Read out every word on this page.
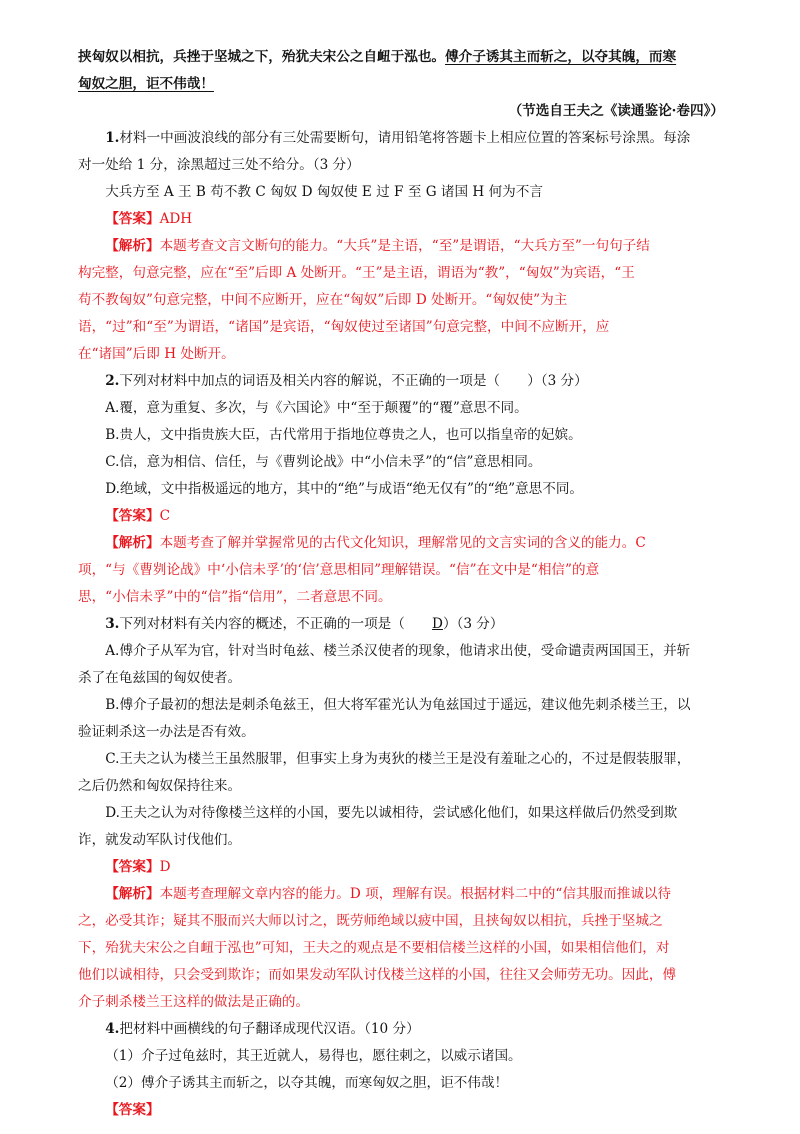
挟匈奴以相抗，兵挫于坚城之下，殆犹夫宋公之自衄于泓也。傅介子诱其主而斩之，以夺其魄，而寒

匈奴之胆，讵不伟哉！

（节选自王夫之《读通鉴论·卷四》）

1.材料一中画波浪线的部分有三处需要断句，请用铅笔将答题卡上相应位置的答案标号涂黑。每涂

对一处给 1 分，涂黑超过三处不给分。（3 分）

大兵方至 A 王 B 苟不教 C 匈奴 D 匈奴使 E 过 F 至 G 诸国 H 何为不言

【答案】ADH

【解析】本题考查文言文断句的能力。“大兵”是主语，“至”是谓语，“大兵方至”一句句子结

构完整，句意完整，应在“至”后即 A 处断开。“王”是主语，谓语为“教”，“匈奴”为宾语，“王

苟不教匈奴”句意完整，中间不应断开，应在“匈奴”后即 D 处断开。“匈奴使”为主

语，“过”和“至”为谓语，“诸国”是宾语，“匈奴使过至诸国”句意完整，中间不应断开，应

在“诸国”后即 H 处断开。

2.下列对材料中加点的词语及相关内容的解说，不正确的一项是（　　）（3 分）

A.覆，意为重复、多次，与《六国论》中“至于颠覆”的“覆”意思不同。

B.贵人，文中指贵族大臣，古代常用于指地位尊贵之人，也可以指皇帝的妃嫔。

C.信，意为相信、信任，与《曹刿论战》中“小信未孚”的“信”意思相同。

D.绝域，文中指极遥远的地方，其中的“绝”与成语“绝无仅有”的“绝”意思不同。

【答案】C

【解析】本题考查了解并掌握常见的古代文化知识，理解常见的文言实词的含义的能力。C

项，“与《曹刿论战》中‘小信未孚’的‘信’意思相同”理解错误。“信”在文中是“相信”的意

思，“小信未孚”中的“信”指“信用”，二者意思不同。

3.下列对材料有关内容的概述，不正确的一项是（ D）（3 分）

A.傅介子从军为官，针对当时龟兹、楼兰杀汉使者的现象，他请求出使，受命谴责两国国王，并斩

杀了在龟兹国的匈奴使者。

B.傅介子最初的想法是刺杀龟兹王，但大将军霍光认为龟兹国过于遥远，建议他先刺杀楼兰王，以

验证刺杀这一办法是否有效。

C.王夫之认为楼兰王虽然服罪，但事实上身为夷狄的楼兰王是没有羞耻之心的，不过是假装服罪，

之后仍然和匈奴保持往来。

D.王夫之认为对待像楼兰这样的小国，要先以诚相待，尝试感化他们，如果这样做后仍然受到欺

诈，就发动军队讨伐他们。

【答案】D

【解析】本题考查理解文章内容的能力。D 项，理解有误。根据材料二中的“信其服而推诚以待

之，必受其诈；疑其不服而兴大师以讨之，既劳师绝域以疲中国，且挟匈奴以相抗，兵挫于坚城之

下，殆犹夫宋公之自衄于泓也”可知，王夫之的观点是不要相信楼兰这样的小国，如果相信他们，对

他们以诚相待，只会受到欺诈；而如果发动军队讨伐楼兰这样的小国，往往又会师劳无功。因此，傅

介子刺杀楼兰王这样的做法是正确的。

4.把材料中画横线的句子翻译成现代汉语。（10 分）

（1）介子过龟兹时，其王近就人，易得也，愿往刺之，以威示诸国。

（2）傅介子诱其主而斩之，以夺其魄，而寒匈奴之胆，讵不伟哉！

【答案】
